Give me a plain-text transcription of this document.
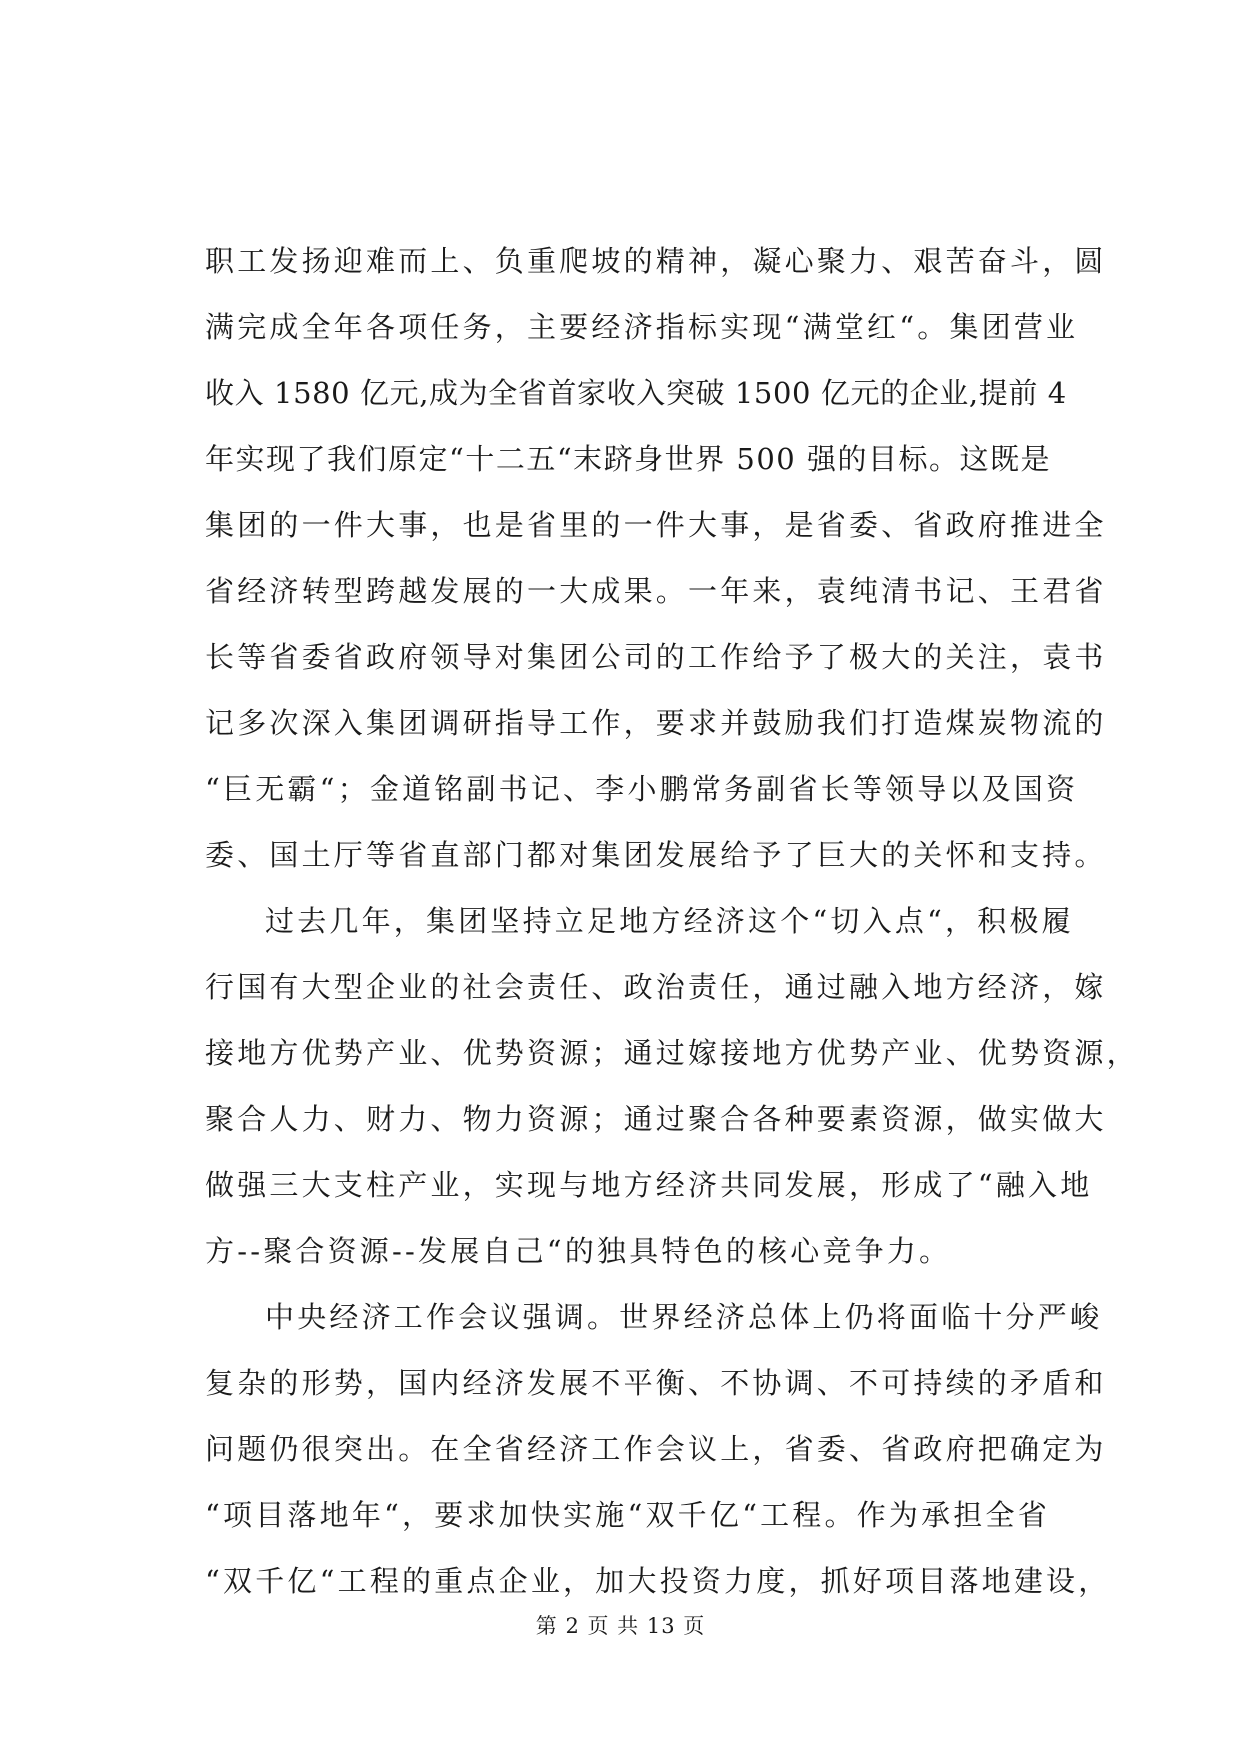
职工发扬迎难而上、负重爬坡的精神，凝心聚力、艰苦奋斗，圆
满完成全年各项任务，主要经济指标实现“满堂红“。集团营业
收入 1580 亿元,成为全省首家收入突破 1500 亿元的企业,提前 4
年实现了我们原定“十二五“末跻身世界 500 强的目标。这既是
集团的一件大事，也是省里的一件大事，是省委、省政府推进全
省经济转型跨越发展的一大成果。一年来，袁纯清书记、王君省
长等省委省政府领导对集团公司的工作给予了极大的关注，袁书
记多次深入集团调研指导工作，要求并鼓励我们打造煤炭物流的
“巨无霸“；金道铭副书记、李小鹏常务副省长等领导以及国资
委、国土厅等省直部门都对集团发展给予了巨大的关怀和支持。
过去几年，集团坚持立足地方经济这个“切入点“，积极履
行国有大型企业的社会责任、政治责任，通过融入地方经济，嫁
接地方优势产业、优势资源；通过嫁接地方优势产业、优势资源，
聚合人力、财力、物力资源；通过聚合各种要素资源，做实做大
做强三大支柱产业，实现与地方经济共同发展，形成了“融入地
方--聚合资源--发展自己“的独具特色的核心竞争力。
中央经济工作会议强调。世界经济总体上仍将面临十分严峻
复杂的形势，国内经济发展不平衡、不协调、不可持续的矛盾和
问题仍很突出。在全省经济工作会议上，省委、省政府把确定为
“项目落地年“，要求加快实施“双千亿“工程。作为承担全省
“双千亿“工程的重点企业，加大投资力度，抓好项目落地建设，
第 2 页 共 13 页
